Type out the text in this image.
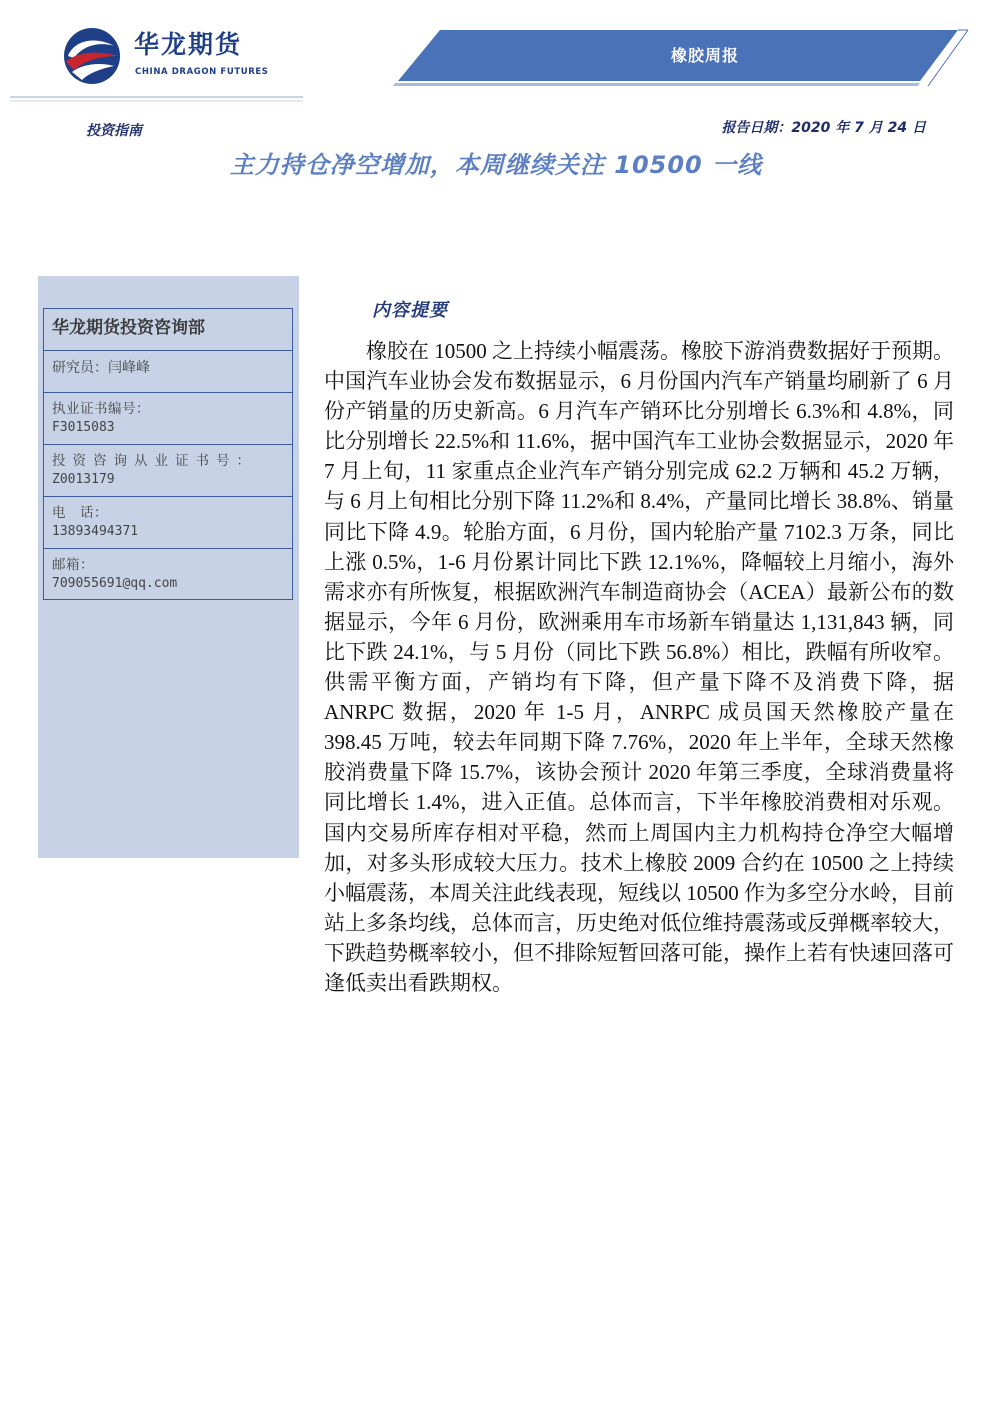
华龙期货
CHINA DRAGON FUTURES
橡胶周报
投资指南	报告日期：2020 年 7 月 24 日
主力持仓净空增加，本周继续关注 10500 一线
华龙期货投资咨询部
研究员：闫峰峰
执业证书编号：
F3015083
投资咨询从业证书号：
Z0013179
电　话：
13893494371
邮箱：
709055691@qq.com
内容提要

橡胶在 10500 之上持续小幅震荡。橡胶下游消费数据好于预期。中国汽车业协会发布数据显示，6 月份国内汽车产销量均刷新了 6 月份产销量的历史新高。6 月汽车产销环比分别增长 6.3%和 4.8%，同比分别增长 22.5%和 11.6%，据中国汽车工业协会数据显示，2020 年 7 月上旬，11 家重点企业汽车产销分别完成 62.2 万辆和 45.2 万辆，与 6 月上旬相比分别下降 11.2%和 8.4%，产量同比增长 38.8%、销量同比下降 4.9。轮胎方面，6 月份，国内轮胎产量 7102.3 万条，同比上涨 0.5%，1-6 月份累计同比下跌 12.1%%，降幅较上月缩小，海外需求亦有所恢复，根据欧洲汽车制造商协会（ACEA）最新公布的数据显示，今年 6 月份，欧洲乘用车市场新车销量达 1,131,843 辆，同比下跌 24.1%，与 5 月份（同比下跌 56.8%）相比，跌幅有所收窄。供需平衡方面，产销均有下降，但产量下降不及消费下降，据 ANRPC 数据，2020 年 1-5 月，ANRPC 成员国天然橡胶产量在 398.45 万吨，较去年同期下降 7.76%，2020 年上半年，全球天然橡胶消费量下降 15.7%，该协会预计 2020 年第三季度，全球消费量将同比增长 1.4%，进入正值。总体而言，下半年橡胶消费相对乐观。国内交易所库存相对平稳，然而上周国内主力机构持仓净空大幅增加，对多头形成较大压力。技术上橡胶 2009 合约在 10500 之上持续小幅震荡，本周关注此线表现，短线以 10500 作为多空分水岭，目前站上多条均线，总体而言，历史绝对低位维持震荡或反弹概率较大，下跌趋势概率较小，但不排除短暂回落可能，操作上若有快速回落可逢低卖出看跌期权。
